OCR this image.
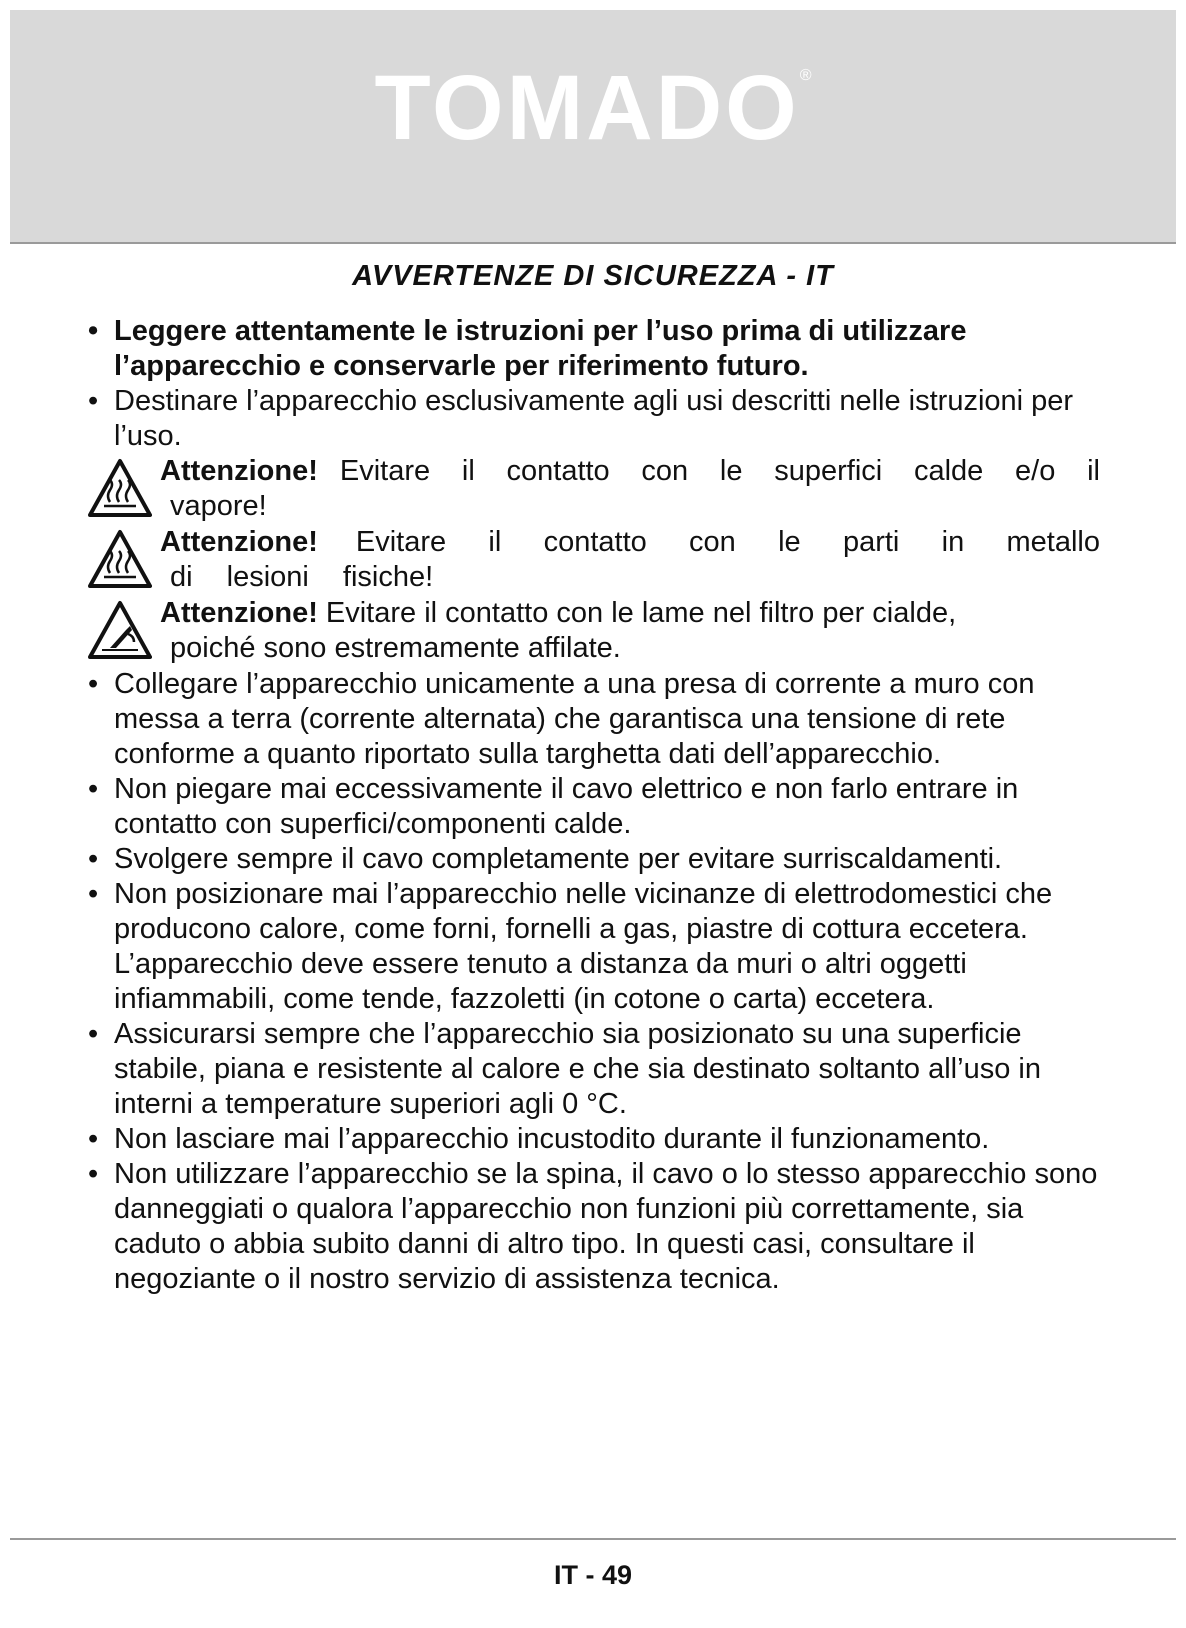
TOMADO®
AVVERTENZE DI SICUREZZA - IT
• Leggere attentamente le istruzioni per l’uso prima di utilizzare l’apparecchio e conservarle per riferimento futuro.
• Destinare l’apparecchio esclusivamente agli usi descritti nelle istruzioni per l’uso.
Attenzione! Evitare il contatto con le superfici calde e/o il
vapore!
Attenzione!	Evitare il contatto con le parti in metallo
di lesioni fisiche!
Attenzione! Evitare il contatto con le lame nel filtro per cialde,
poiché sono estremamente affilate.
• Collegare l’apparecchio unicamente a una presa di corrente a muro con messa a terra (corrente alternata) che garantisca una tensione di rete conforme a quanto riportato sulla targhetta dati dell’apparecchio.
• Non piegare mai eccessivamente il cavo elettrico e non farlo entrare in contatto con superfici/componenti calde.
• Svolgere sempre il cavo completamente per evitare surriscaldamenti.
• Non posizionare mai l’apparecchio nelle vicinanze di elettrodomestici che producono calore, come forni, fornelli a gas, piastre di cottura eccetera. L’apparecchio deve essere tenuto a distanza da muri o altri oggetti infiammabili, come tende, fazzoletti (in cotone o carta) eccetera.
• Assicurarsi sempre che l’apparecchio sia posizionato su una superficie stabile, piana e resistente al calore e che sia destinato soltanto all’uso in interni a temperature superiori agli 0 °C.
• Non lasciare mai l’apparecchio incustodito durante il funzionamento.
• Non utilizzare l’apparecchio se la spina, il cavo o lo stesso apparecchio sono danneggiati o qualora l’apparecchio non funzioni più correttamente, sia caduto o abbia subito danni di altro tipo. In questi casi, consultare il negoziante o il nostro servizio di assistenza tecnica.
IT - 49
